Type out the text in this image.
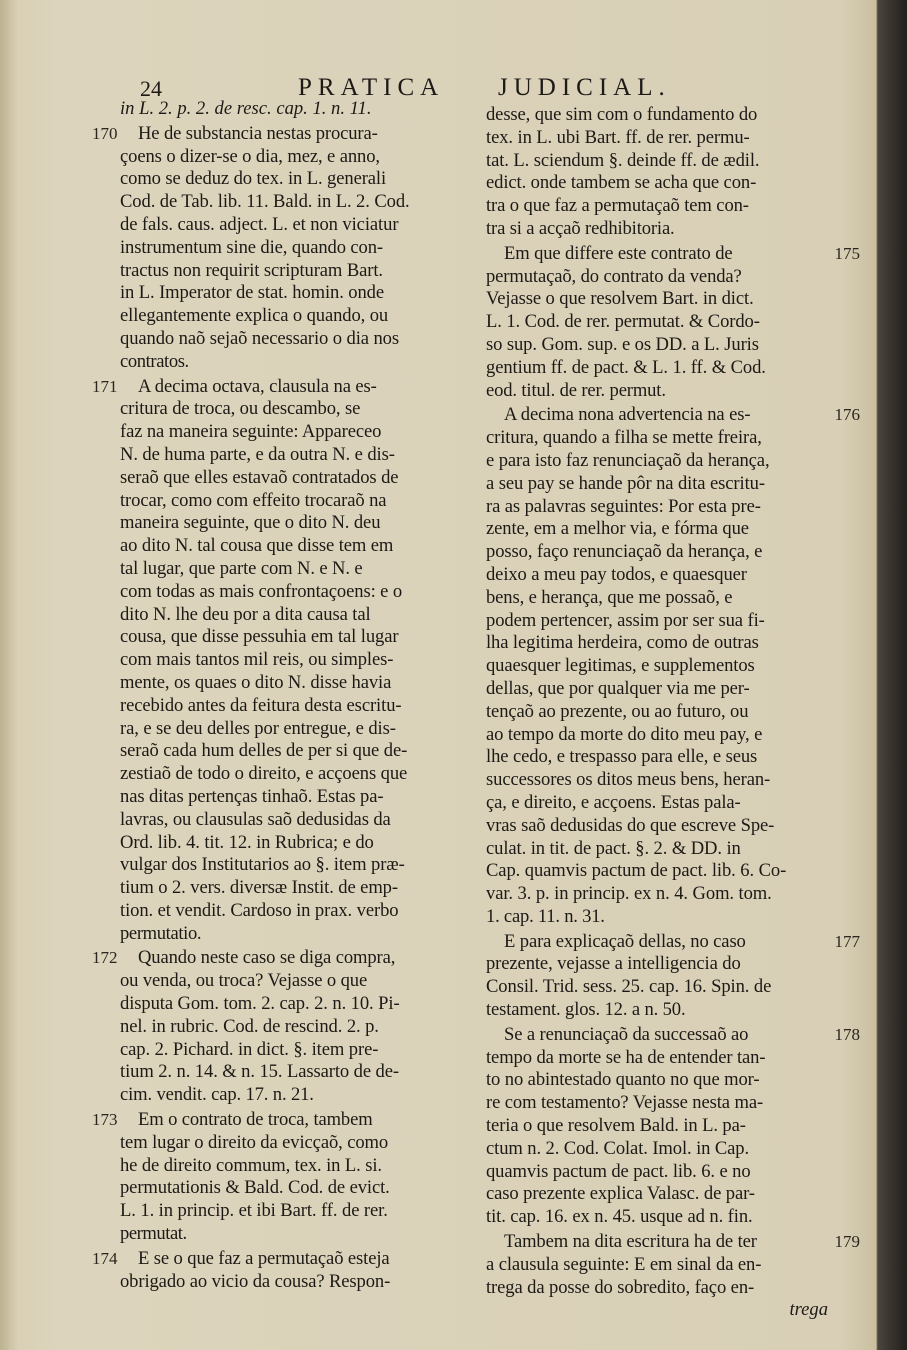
24	PRATICA JUDICIAL.

in L. 2. p. 2. de resc. cap. 1. n. 11.

170	He de substancia nestas procura-
çoens o dizer-se o dia, mez, e anno,
como se deduz do tex. in L. generali
Cod. de Tab. lib. 11. Bald. in L. 2. Cod.
de fals. caus. adject. L. et non viciatur
instrumentum sine die, quando con-
tractus non requirit scripturam Bart.
in L. Imperator de stat. homin. onde
ellegantemente explica o quando, ou
quando naõ sejaõ necessario o dia nos
contratos.
171	A decima octava, clausula na es-
critura de troca, ou descambo, se
faz na maneira seguinte: Appareceo
N. de huma parte, e da outra N. e dis-
seraõ que elles estavaõ contratados de
trocar, como com effeito trocaraõ na
maneira seguinte, que o dito N. deu
ao dito N. tal cousa que disse tem em
tal lugar, que parte com N. e N. e
com todas as mais confrontaçoens: e o
dito N. lhe deu por a dita causa tal
cousa, que disse pessuhia em tal lugar
com mais tantos mil reis, ou simples-
mente, os quaes o dito N. disse havia
recebido antes da feitura desta escritu-
ra, e se deu delles por entregue, e dis-
seraõ cada hum delles de per si que de-
zestiaõ de todo o direito, e acçoens que
nas ditas pertenças tinhaõ. Estas pa-
lavras, ou clausulas saõ dedusidas da
Ord. lib. 4. tit. 12. in Rubrica; e do
vulgar dos Institutarios ao §. item præ-
tium o 2. vers. diversæ Instit. de emp-
tion. et vendit. Cardoso in prax. verbo
permutatio.
172	Quando neste caso se diga compra,
ou venda, ou troca? Vejasse o que
disputa Gom. tom. 2. cap. 2. n. 10. Pi-
nel. in rubric. Cod. de rescind. 2. p.
cap. 2. Pichard. in dict. §. item pre-
tium 2. n. 14. & n. 15. Lassarto de de-
cim. vendit. cap. 17. n. 21.
173	Em o contrato de troca, tambem
tem lugar o direito da evicçaõ, como
he de direito commum, tex. in L. si.
permutationis & Bald. Cod. de evict.
L. 1. in princip. et ibi Bart. ff. de rer.
permutat.
174	E se o que faz a permutaçaõ esteja
obrigado ao vicio da cousa? Respon-
desse, que sim com o fundamento do
tex. in L. ubi Bart. ff. de rer. permu-
tat. L. sciendum §. deinde ff. de ædil.
edict. onde tambem se acha que con-
tra o que faz a permutaçaõ tem con-
tra si a acçaõ redhibitoria.
175
Em que differe este contrato de
permutaçaõ, do contrato da venda?
Vejasse o que resolvem Bart. in dict.
L. 1. Cod. de rer. permutat. & Cordo-
so sup. Gom. sup. e os DD. a L. Juris
gentium ff. de pact. & L. 1. ff. & Cod.
eod. titul. de rer. permut.
176
A decima nona advertencia na es-
critura, quando a filha se mette freira,
e para isto faz renunciaçaõ da herança,
a seu pay se hande pôr na dita escritu-
ra as palavras seguintes: Por esta pre-
zente, em a melhor via, e fórma que
posso, faço renunciaçaõ da herança, e
deixo a meu pay todos, e quaesquer
bens, e herança, que me possaõ, e
podem pertencer, assim por ser sua fi-
lha legitima herdeira, como de outras
quaesquer legitimas, e supplementos
dellas, que por qualquer via me per-
tençaõ ao prezente, ou ao futuro, ou
ao tempo da morte do dito meu pay, e
lhe cedo, e trespasso para elle, e seus
successores os ditos meus bens, heran-
ça, e direito, e acçoens. Estas pala-
vras saõ dedusidas do que escreve Spe-
culat. in tit. de pact. §. 2. & DD. in
Cap. quamvis pactum de pact. lib. 6. Co-
var. 3. p. in princip. ex n. 4. Gom. tom.
1. cap. 11. n. 31.
177
E para explicaçaõ dellas, no caso
prezente, vejasse a intelligencia do
Consil. Trid. sess. 25. cap. 16. Spin. de
testament. glos. 12. a n. 50.
178
Se a renunciaçaõ da successaõ ao
tempo da morte se ha de entender tan-
to no abintestado quanto no que mor-
re com testamento? Vejasse nesta ma-
teria o que resolvem Bald. in L. pa-
ctum n. 2. Cod. Colat. Imol. in Cap.
quamvis pactum de pact. lib. 6. e no
caso prezente explica Valasc. de par-
tit. cap. 16. ex n. 45. usque ad n. fin.
179
Tambem na dita escritura ha de ter
a clausula seguinte: E em sinal da en-
trega da posse do sobredito, faço en-

trega
